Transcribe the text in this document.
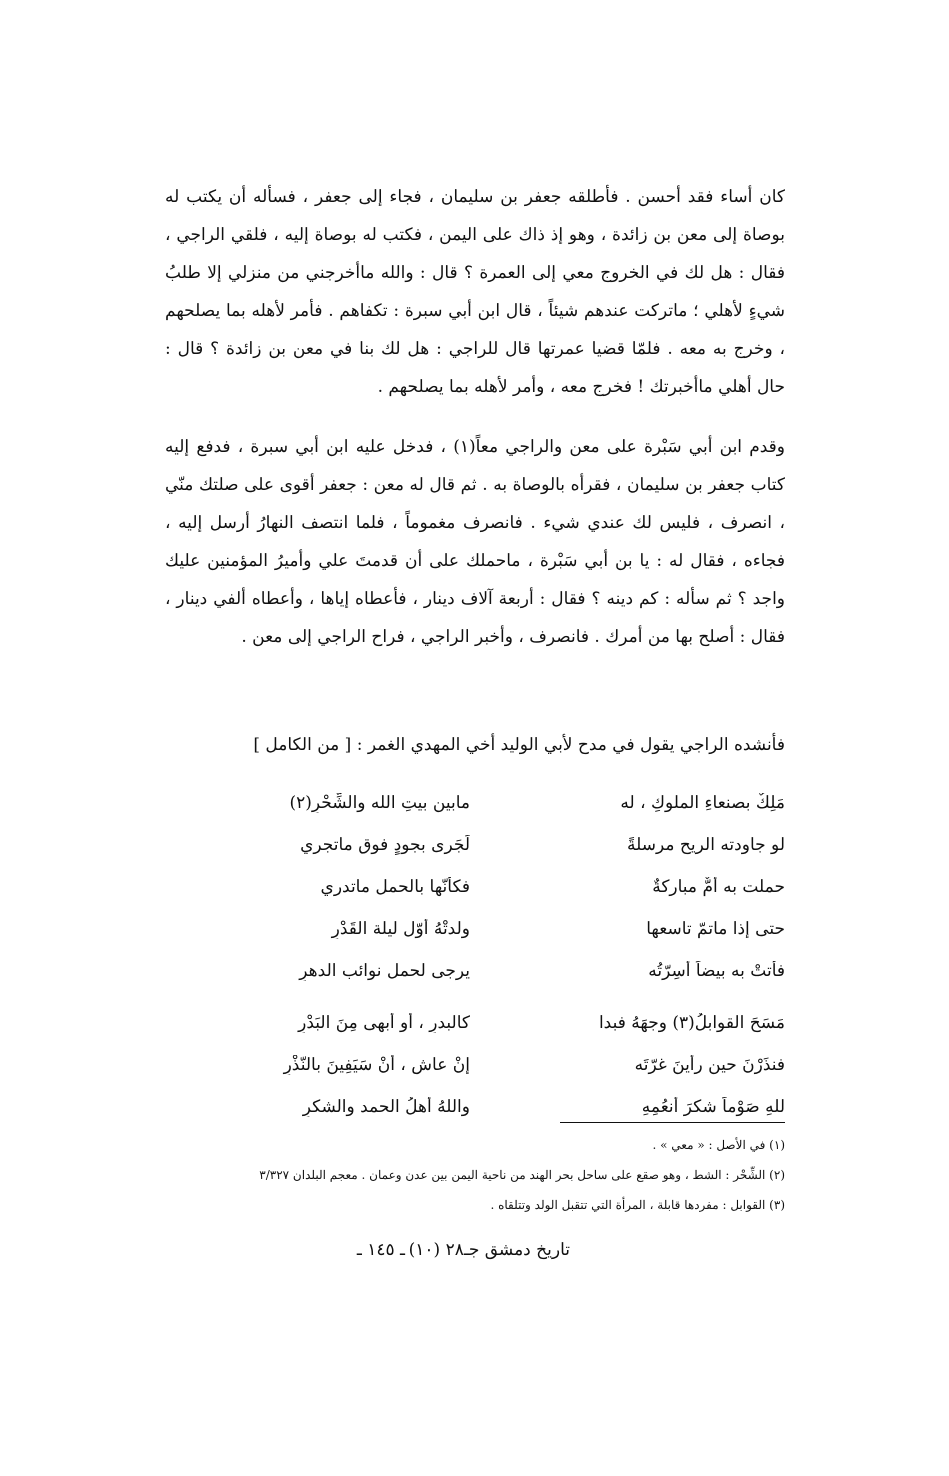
كان أساء فقد أحسن . فأطلقه جعفر بن سليمان ، فجاء إلى جعفر ، فسأله أن يكتب له بوصاة إلى معن بن زائدة ، وهو إذ ذاك على اليمن ، فكتب له بوصاة إليه ، فلقي الراجي ، فقال : هل لك في الخروج معي إلى العمرة ؟ قال : والله ماأخرجني من منزلي إلا طلبُ شيءٍ لأهلي ؛ ماتركت عندهم شيئاً ، قال ابن أبي سبرة : تكفاهم . فأمر لأهله بما يصلحهم ، وخرج به معه . فلمّا قضيا عمرتها قال للراجي : هل لك بنا في معن بن زائدة ؟ قال : حال أهلي ماأخبرتك ! فخرج معه ، وأمر لأهله بما يصلحهم .
وقدم ابن أبي سَبْرة على معن والراجي معاً(١) ، فدخل عليه ابن أبي سبرة ، فدفع إليه كتاب جعفر بن سليمان ، فقرأه بالوصاة به . ثم قال له معن : جعفر أقوى على صلتك منّي ، انصرف ، فليس لك عندي شيء . فانصرف مغموماً ، فلما انتصف النهارُ أرسل إليه ، فجاءه ، فقال له : يا بن أبي سَبْرة ، ماحملك على أن قدمتَ علي وأميرُ المؤمنين عليك واجد ؟ ثم سأله : كم دينه ؟ فقال : أربعة آلاف دينار ، فأعطاه إياها ، وأعطاه ألفي دينار ، فقال : أصلح بها من أمرك . فانصرف ، وأخبر الراجي ، فراح الراجي إلى معن .
فأنشده الراجي يقول في مدح لأبي الوليد أخي المهدي الغمر : [ من الكامل ]
مَلِكٌ بصنعاءِ الملوكِ ، له
مابين بيتِ الله والشِّحْرِ(٢)
لو جاودته الريح مرسلةً
لَجَرى بجودٍ فوق ماتجري
حملت به أمٌّ مباركةٌ
فكأنّها بالحمل ماتدري
حتى إذا ماتمّ تاسعها
ولدتْهُ أوّل ليلة القَدْرِ
فأتتْ به بيضاً أسِرّتُه
يرجى لحمل نوائب الدهرِ
مَسَحَ القوابلُ(٣) وجهَهُ فبدا
كالبدرِ ، أو أبهى مِنَ البَدْرِ
فنذَرْنَ حين رأينَ غرّتَه
إنْ عاش ، أنْ سَيَفِينَ بالنّذْرِ
للهِ صَوْماً شكرَ أنعُمِهِ
واللهُ أهلُ الحمد والشكرِ
(١) في الأصل : « معي » .
(٢) الشِّحْر : الشط ، وهو صقع على ساحل بحر الهند من ناحية اليمن بين عدن وعمان . معجم البلدان ٣/٣٢٧
(٣) القوابل : مفردها قابلة ، المرأة التي تتقبل الولد وتتلقاه .
تاريخ دمشق جـ٢٨ (١٠)
ـ ١٤٥ ـ
